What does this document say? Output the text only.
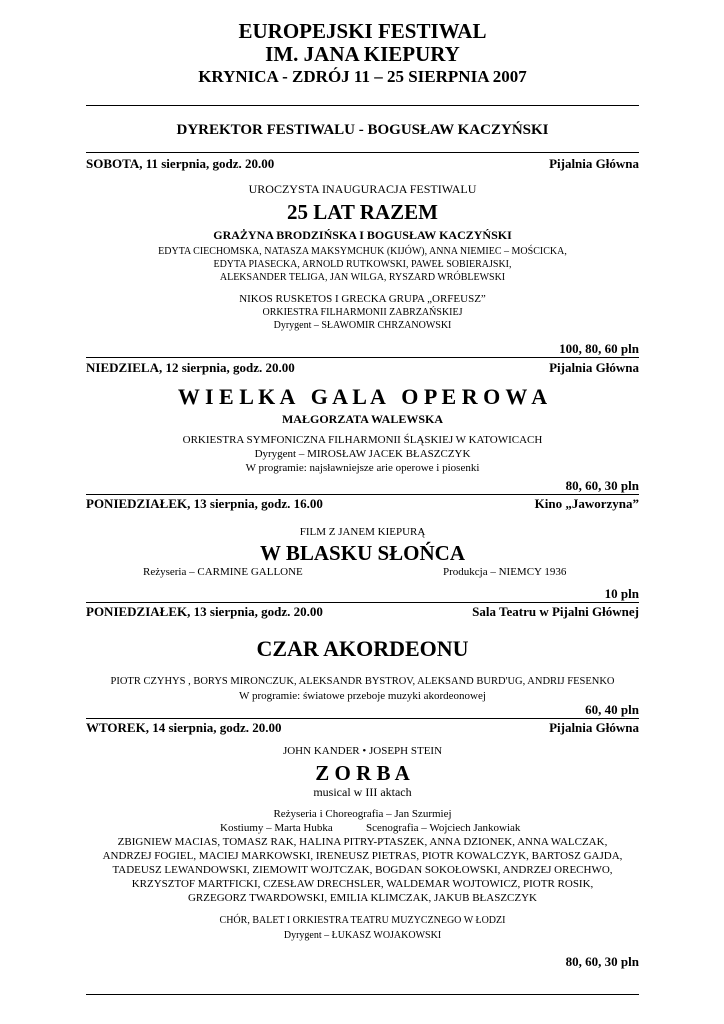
EUROPEJSKI FESTIWAL
IM. JANA KIEPURY
KRYNICA - ZDRÓJ 11 – 25 SIERPNIA 2007
DYREKTOR FESTIWALU - BOGUSŁAW KACZYŃSKI
SOBOTA, 11 sierpnia, godz. 20.00	Pijalnia Główna
UROCZYSTA INAUGURACJA FESTIWALU
25 LAT RAZEM
GRAŻYNA BRODZIŃSKA I BOGUSŁAW KACZYŃSKI
EDYTA CIECHOMSKA, NATASZA MAKSYMCHUK (KIJÓW), ANNA NIEMIEC – MOŚCICKA,
EDYTA PIASECKA, ARNOLD RUTKOWSKI, PAWEŁ SOBIERAJSKI,
ALEKSANDER TELIGA, JAN WILGA, RYSZARD WRÓBLEWSKI
NIKOS RUSKETOS I GRECKA GRUPA „ORFEUSZ”
ORKIESTRA FILHARMONII ZABRZAŃSKIEJ
Dyrygent – SŁAWOMIR CHRZANOWSKI
100, 80, 60 pln
NIEDZIELA, 12 sierpnia, godz. 20.00	Pijalnia Główna
W I E L K A   G A L A   O P E R O W A
MAŁGORZATA WALEWSKA
ORKIESTRA SYMFONICZNA FILHARMONII ŚLĄSKIEJ W KATOWICACH
Dyrygent – MIROSŁAW JACEK BŁASZCZYK
W programie: najsławniejsze arie operowe i piosenki
80, 60, 30 pln
PONIEDZIAŁEK, 13 sierpnia, godz. 16.00	Kino „Jaworzyna”
FILM Z JANEM KIEPURĄ
W BLASKU SŁOŃCA
Reżyseria – CARMINE GALLONE	Produkcja – NIEMCY 1936
10 pln
PONIEDZIAŁEK, 13 sierpnia, godz. 20.00	Sala Teatru w Pijalni Głównej
CZAR AKORDEONU
PIOTR CZYHYS , BORYS MIRONCZUK, ALEKSANDR BYSTROV, ALEKSAND BURD'UG, ANDRIJ FESENKO
W programie: światowe przeboje muzyki akordeonowej
60, 40 pln
WTOREK, 14 sierpnia, godz. 20.00	Pijalnia Główna
JOHN KANDER • JOSEPH STEIN
Z O R B A
musical w III aktach
Reżyseria i Choreografia – Jan Szurmiej
Kostiumy – Marta Hubka	Scenografia – Wojciech Jankowiak
ZBIGNIEW MACIAS, TOMASZ RAK, HALINA PITRY-PTASZEK, ANNA DZIONEK, ANNA WALCZAK,
ANDRZEJ FOGIEL, MACIEJ MARKOWSKI, IRENEUSZ PIETRAS, PIOTR KOWALCZYK, BARTOSZ GAJDA,
TADEUSZ LEWANDOWSKI, ZIEMOWIT WOJTCZAK, BOGDAN SOKOŁOWSKI, ANDRZEJ ORECHWO,
KRZYSZTOF MARTFICKI, CZESŁAW DRECHSLER, WALDEMAR WOJTOWICZ, PIOTR ROSIK,
GRZEGORZ TWARDOWSKI, EMILIA KLIMCZAK, JAKUB BŁASZCZYK
CHÓR, BALET I ORKIESTRA TEATRU MUZYCZNEGO W ŁODZI
Dyrygent – ŁUKASZ WOJAKOWSKI
80, 60, 30 pln
